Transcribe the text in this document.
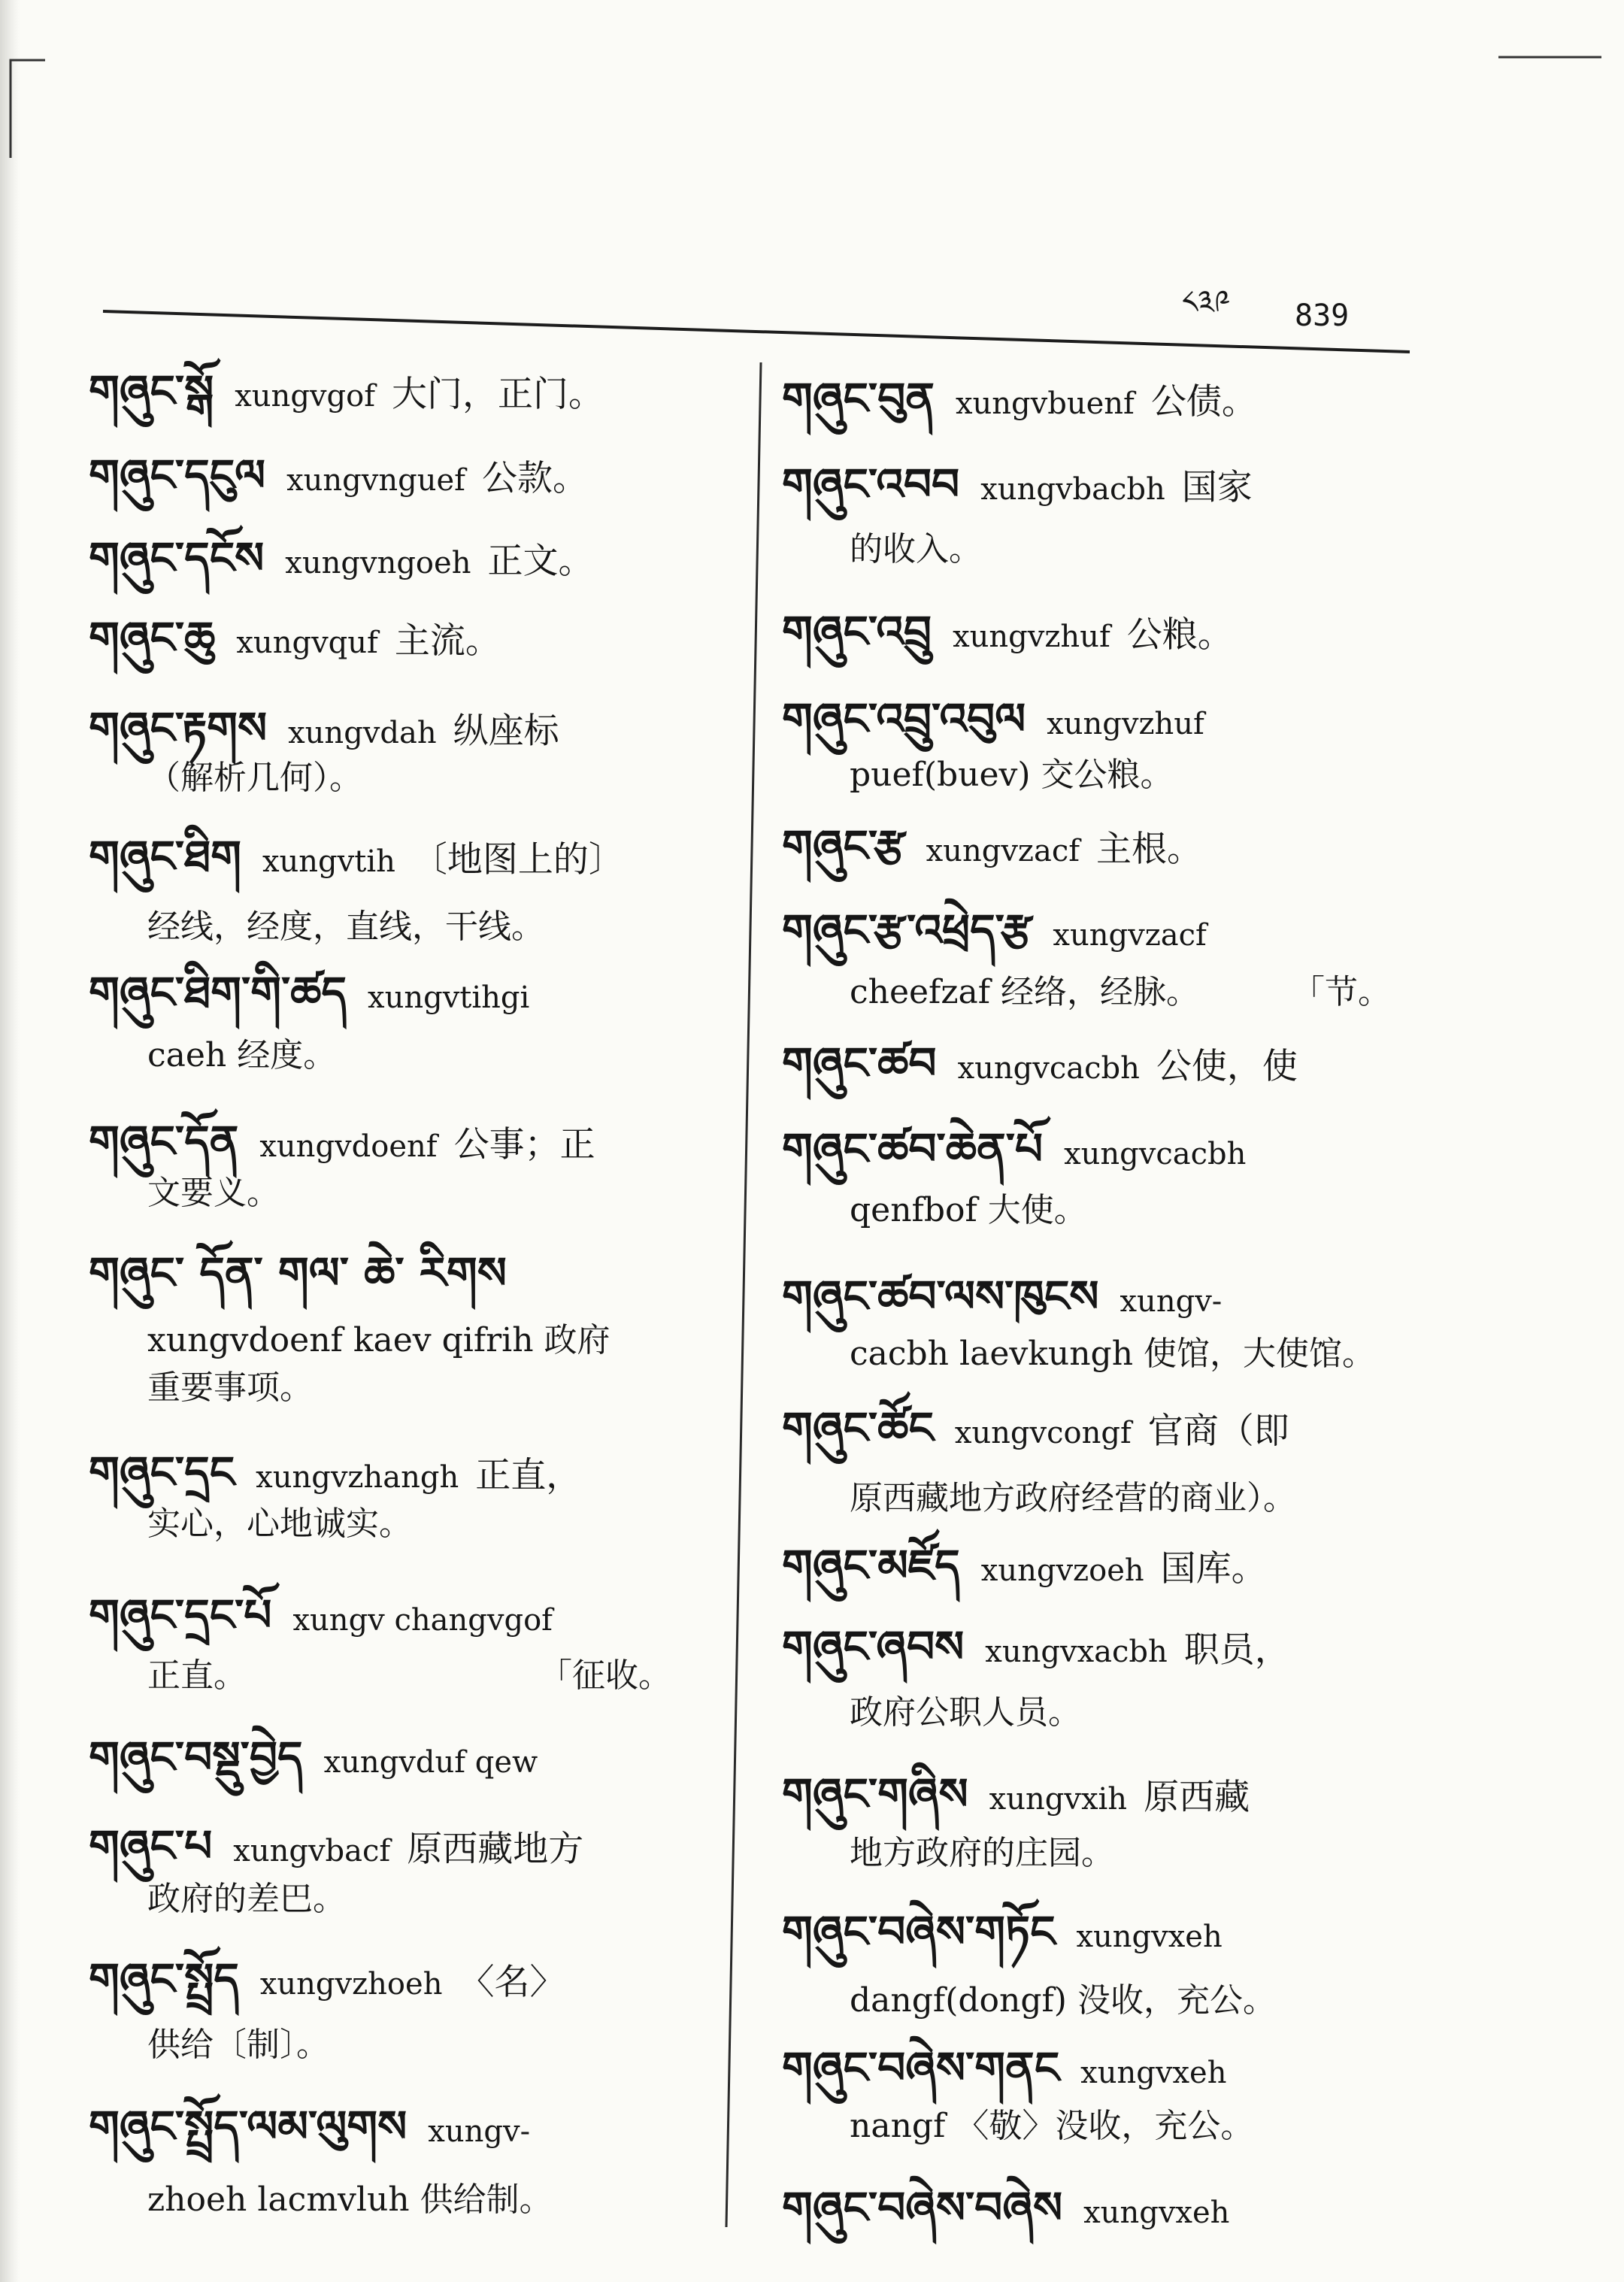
༨༣༩ 839
གཞུང་སྒོ xungvgof 大门，正门。
གཞུང་དངུལ xungvnguef 公款。
གཞུང་དངོས xungvngoeh 正文。
གཞུང་ཆུ xungvquf 主流。
གཞུང་རྟགས xungvdah 纵座标
（解析几何）。
གཞུང་ཐིག xungvtih 〔地图上的〕
经线，经度，直线，干线。
གཞུང་ཐིག་གི་ཚད xungvtihgi
caeh 经度。
གཞུང་དོན xungvdoenf 公事；正
文要义。
གཞུང་ དོན་ གལ་ ཆེ་ རིགས
xungvdoenf kaev qifrih 政府
重要事项。
གཞུང་དྲང xungvzhangh 正直，
实心，心地诚实。
གཞུང་དྲང་པོ xungv changvgof
正直。
གཞུང་བསྡུ་བྱེད xungvduf qew
「征收。
གཞུང་པ xungvbacf 原西藏地方
政府的差巴。
གཞུང་སྤྲོད xungvzhoeh 〈名〉
供给〔制〕。
གཞུང་སྤྲོད་ལམ་ལུགས xungv-
zhoeh lacmvluh 供给制。
གཞུང་བུན xungvbuenf 公债。
གཞུང་འབབ xungvbacbh 国家
的收入。
གཞུང་འབྲུ xungvzhuf 公粮。
གཞུང་འབྲུ་འབུལ xungvzhuf
puef(buev) 交公粮。
གཞུང་རྩ xungvzacf 主根。
གཞུང་རྩ་འཕྲེད་རྩ xungvzacf
cheefzaf 经络，经脉。
གཞུང་ཚབ xungvcacbh 公使，使
「节。
གཞུང་ཚབ་ཆེན་པོ xungvcacbh
qenfbof 大使。
གཞུང་ཚབ་ལས་ཁུངས xungv-
cacbh laevkungh 使馆，大使馆。
གཞུང་ཚོང xungvcongf 官商（即
原西藏地方政府经营的商业）。
གཞུང་མཛོད xungvzoeh 国库。
གཞུང་ཞབས xungvxacbh 职员，
政府公职人员。
གཞུང་གཞིས xungvxih 原西藏
地方政府的庄园。
གཞུང་བཞེས་གཏོང xungvxeh
dangf(dongf) 没收，充公。
གཞུང་བཞེས་གནང xungvxeh
nangf 〈敬〉没收，充公。
གཞུང་བཞེས་བཞེས xungvxeh
